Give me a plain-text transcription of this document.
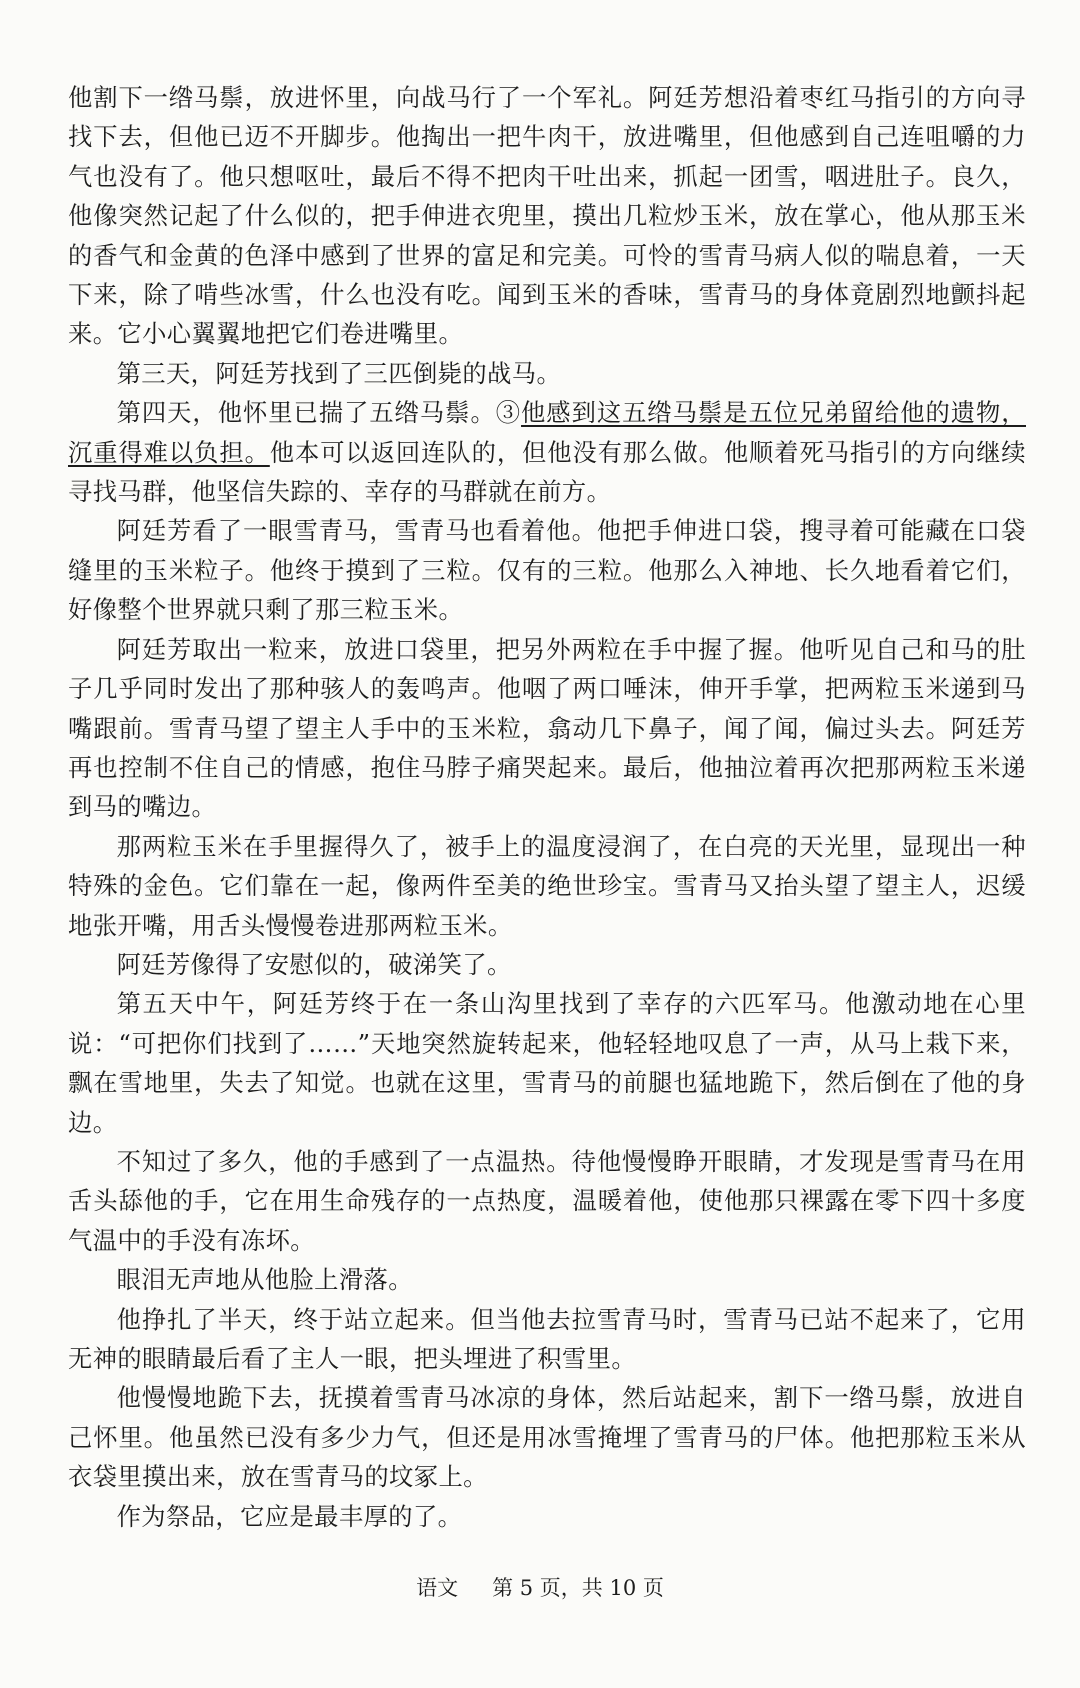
他割下一绺马鬃，放进怀里，向战马行了一个军礼。阿廷芳想沿着枣红马指引的方向寻找下去，但他已迈不开脚步。他掏出一把牛肉干，放进嘴里，但他感到自己连咀嚼的力气也没有了。他只想呕吐，最后不得不把肉干吐出来，抓起一团雪，咽进肚子。良久，他像突然记起了什么似的，把手伸进衣兜里，摸出几粒炒玉米，放在掌心，他从那玉米的香气和金黄的色泽中感到了世界的富足和完美。可怜的雪青马病人似的喘息着，一天下来，除了啃些冰雪，什么也没有吃。闻到玉米的香味，雪青马的身体竟剧烈地颤抖起来。它小心翼翼地把它们卷进嘴里。

第三天，阿廷芳找到了三匹倒毙的战马。

第四天，他怀里已揣了五绺马鬃。③他感到这五绺马鬃是五位兄弟留给他的遗物，沉重得难以负担。他本可以返回连队的，但他没有那么做。他顺着死马指引的方向继续寻找马群，他坚信失踪的、幸存的马群就在前方。

阿廷芳看了一眼雪青马，雪青马也看着他。他把手伸进口袋，搜寻着可能藏在口袋缝里的玉米粒子。他终于摸到了三粒。仅有的三粒。他那么入神地、长久地看着它们，好像整个世界就只剩了那三粒玉米。

阿廷芳取出一粒来，放进口袋里，把另外两粒在手中握了握。他听见自己和马的肚子几乎同时发出了那种骇人的轰鸣声。他咽了两口唾沫，伸开手掌，把两粒玉米递到马嘴跟前。雪青马望了望主人手中的玉米粒，翕动几下鼻子，闻了闻，偏过头去。阿廷芳再也控制不住自己的情感，抱住马脖子痛哭起来。最后，他抽泣着再次把那两粒玉米递到马的嘴边。

那两粒玉米在手里握得久了，被手上的温度浸润了，在白亮的天光里，显现出一种特殊的金色。它们靠在一起，像两件至美的绝世珍宝。雪青马又抬头望了望主人，迟缓地张开嘴，用舌头慢慢卷进那两粒玉米。

阿廷芳像得了安慰似的，破涕笑了。

第五天中午，阿廷芳终于在一条山沟里找到了幸存的六匹军马。他激动地在心里说：“可把你们找到了……”天地突然旋转起来，他轻轻地叹息了一声，从马上栽下来，飘在雪地里，失去了知觉。也就在这里，雪青马的前腿也猛地跪下，然后倒在了他的身边。

不知过了多久，他的手感到了一点温热。待他慢慢睁开眼睛，才发现是雪青马在用舌头舔他的手，它在用生命残存的一点热度，温暖着他，使他那只裸露在零下四十多度气温中的手没有冻坏。

眼泪无声地从他脸上滑落。

他挣扎了半天，终于站立起来。但当他去拉雪青马时，雪青马已站不起来了，它用无神的眼睛最后看了主人一眼，把头埋进了积雪里。

他慢慢地跪下去，抚摸着雪青马冰凉的身体，然后站起来，割下一绺马鬃，放进自己怀里。他虽然已没有多少力气，但还是用冰雪掩埋了雪青马的尸体。他把那粒玉米从衣袋里摸出来，放在雪青马的坟冢上。

作为祭品，它应是最丰厚的了。

语文 第 5 页，共 10 页
